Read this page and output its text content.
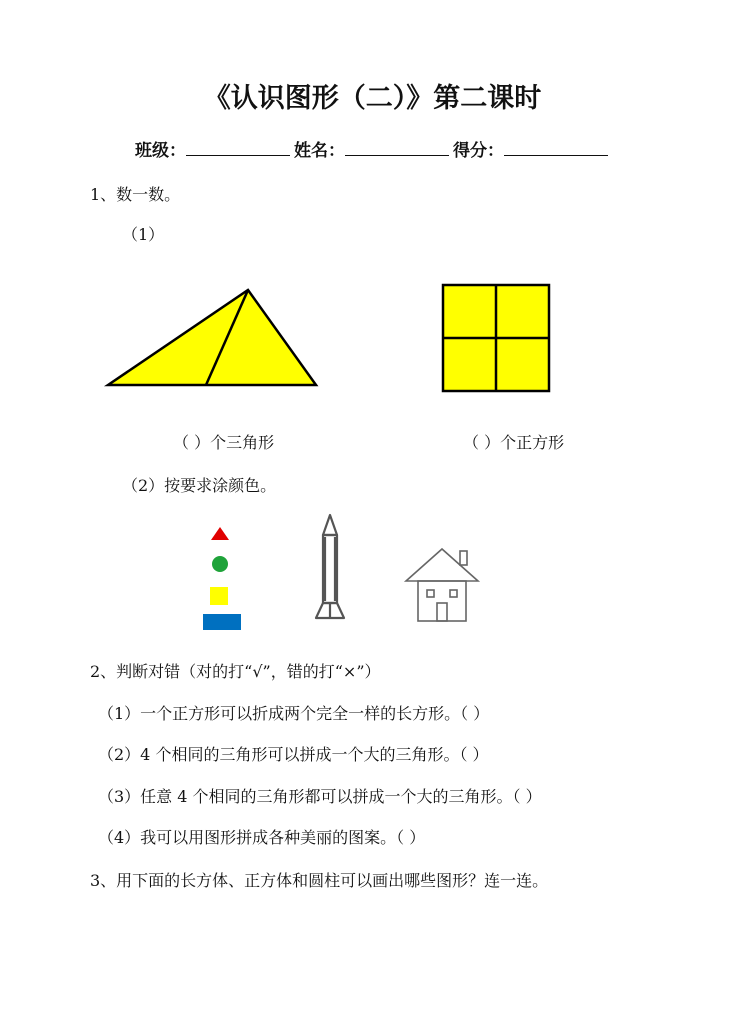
《认识图形（二）》第二课时
班级：	姓名：	得分：
1、数一数。
（1）
（ ）个三角形	（ ）个正方形
（2）按要求涂颜色。
2、判断对错（对的打“√”，错的打“×”）
（1）一个正方形可以折成两个完全一样的长方形。（ ）
（2）4 个相同的三角形可以拼成一个大的三角形。（ ）
（3）任意 4 个相同的三角形都可以拼成一个大的三角形。（ ）
（4）我可以用图形拼成各种美丽的图案。（ ）
3、用下面的长方体、正方体和圆柱可以画出哪些图形？连一连。
